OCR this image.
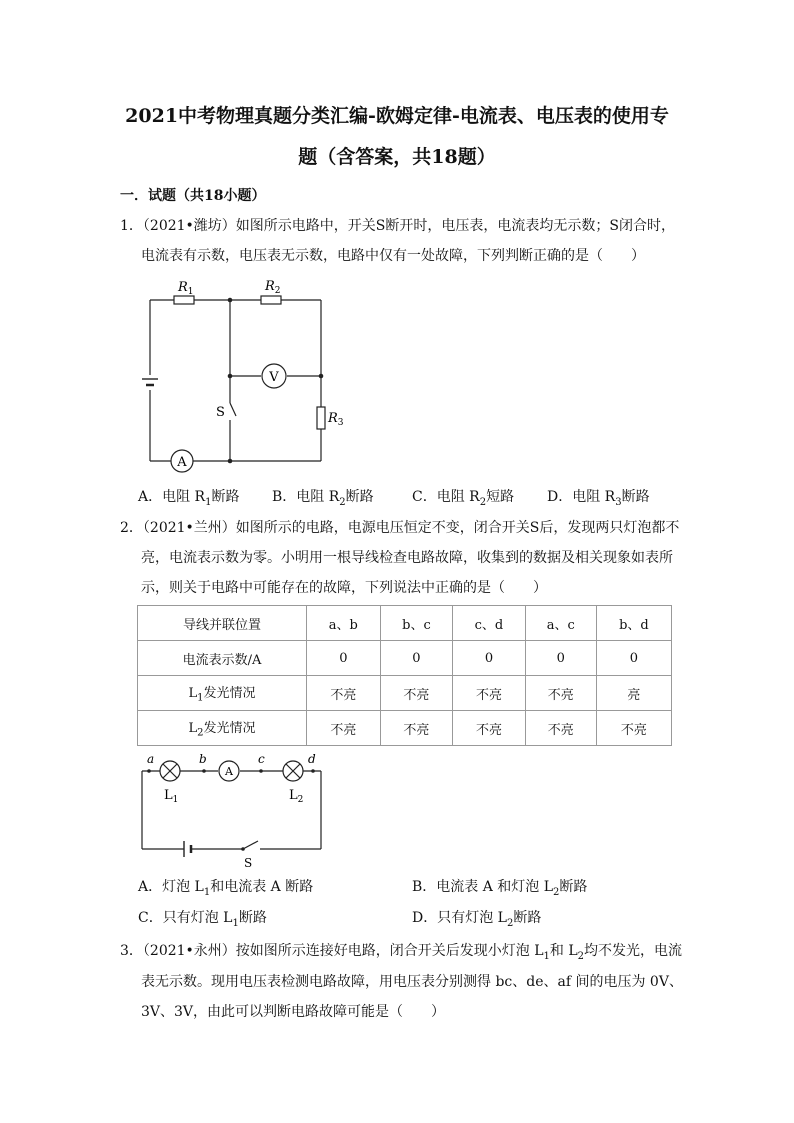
2021中考物理真题分类汇编-欧姆定律-电流表、电压表的使用专
题（含答案，共18题）
一．试题（共18小题）
1．（2021•潍坊）如图所示电路中，开关S断开时，电压表，电流表均无示数；S闭合时，
电流表有示数，电压表无示数，电路中仅有一处故障，下列判断正确的是（　　）
V
A
$R_1$	$R_2$
$R_3$
S
A．电阻 $R_1$断路 B．电阻 $R_2$断路	C．电阻 $R_2$短路 D．电阻 $R_3$断路
2．（2021•兰州）如图所示的电路，电源电压恒定不变，闭合开关S后，发现两只灯泡都不
亮，电流表示数为零。小明用一根导线检查电路故障，收集到的数据及相关现象如表所
示，则关于电路中可能存在的故障，下列说法中正确的是（　　）
导线并联位置	a、b	b、c	c、d	a、c	b、d
电流表示数/A	0	0	0	0	0
$L_1$发光情况	不亮	不亮	不亮	不亮	亮
$L_2$发光情况	不亮	不亮	不亮	不亮	不亮
A
a	b	c	d
$L_1$	$L_2$
S
A．灯泡 $L_1$和电流表 A 断路	B．电流表 A 和灯泡 $L_2$断路
C．只有灯泡 $L_1$断路	D．只有灯泡 $L_2$断路
3．（2021•永州）按如图所示连接好电路，闭合开关后发现小灯泡 $L_1$和 $L_2$均不发光，电流
表无示数。现用电压表检测电路故障，用电压表分别测得 bc、de、af 间的电压为 0V、
3V、3V，由此可以判断电路故障可能是（　　）
